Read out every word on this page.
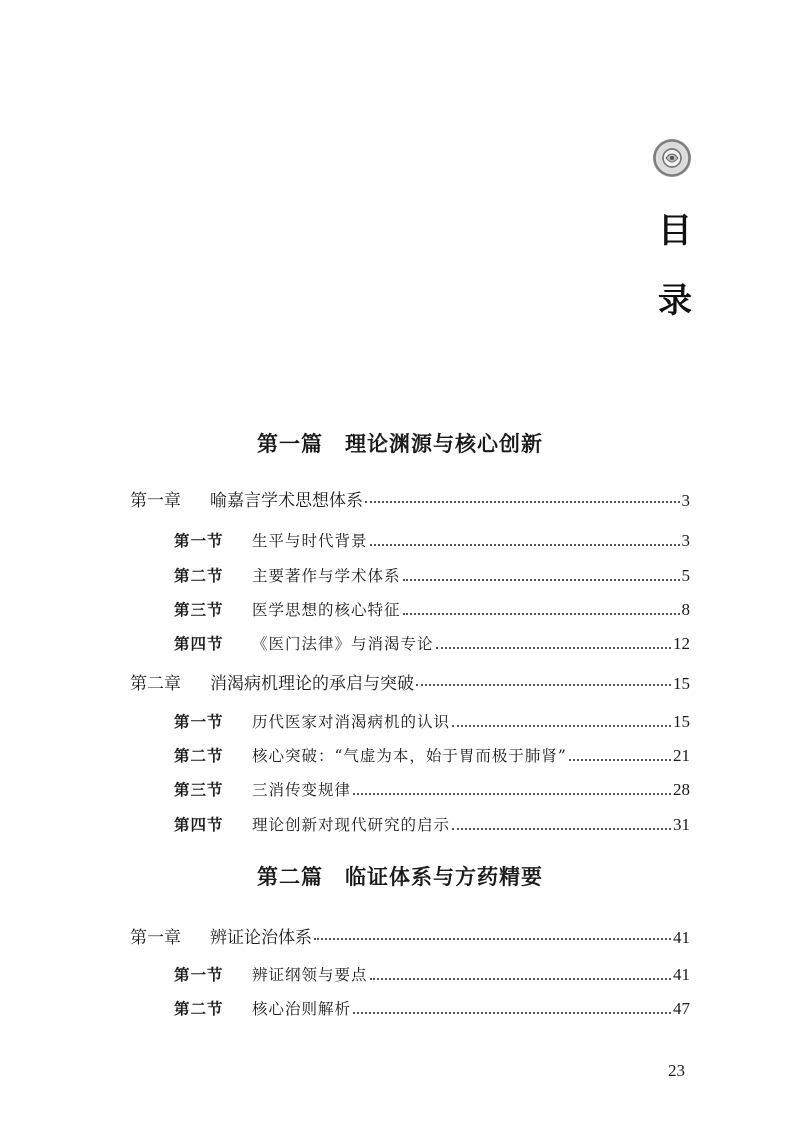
目
录
第一篇 理论渊源与核心创新
第一章	喻嘉言学术思想体系	3
第一节	生平与时代背景	3
第二节	主要著作与学术体系	5
第三节	医学思想的核心特征	8
第四节	《医门法律》与消渴专论	12
第二章	消渴病机理论的承启与突破	15
第一节	历代医家对消渴病机的认识	15
第二节	核心突破：“气虚为本，始于胃而极于肺肾”	21
第三节	三消传变规律	28
第四节	理论创新对现代研究的启示	31
第二篇 临证体系与方药精要
第一章	辨证论治体系	41
第一节	辨证纲领与要点	41
第二节	核心治则解析	47
23
